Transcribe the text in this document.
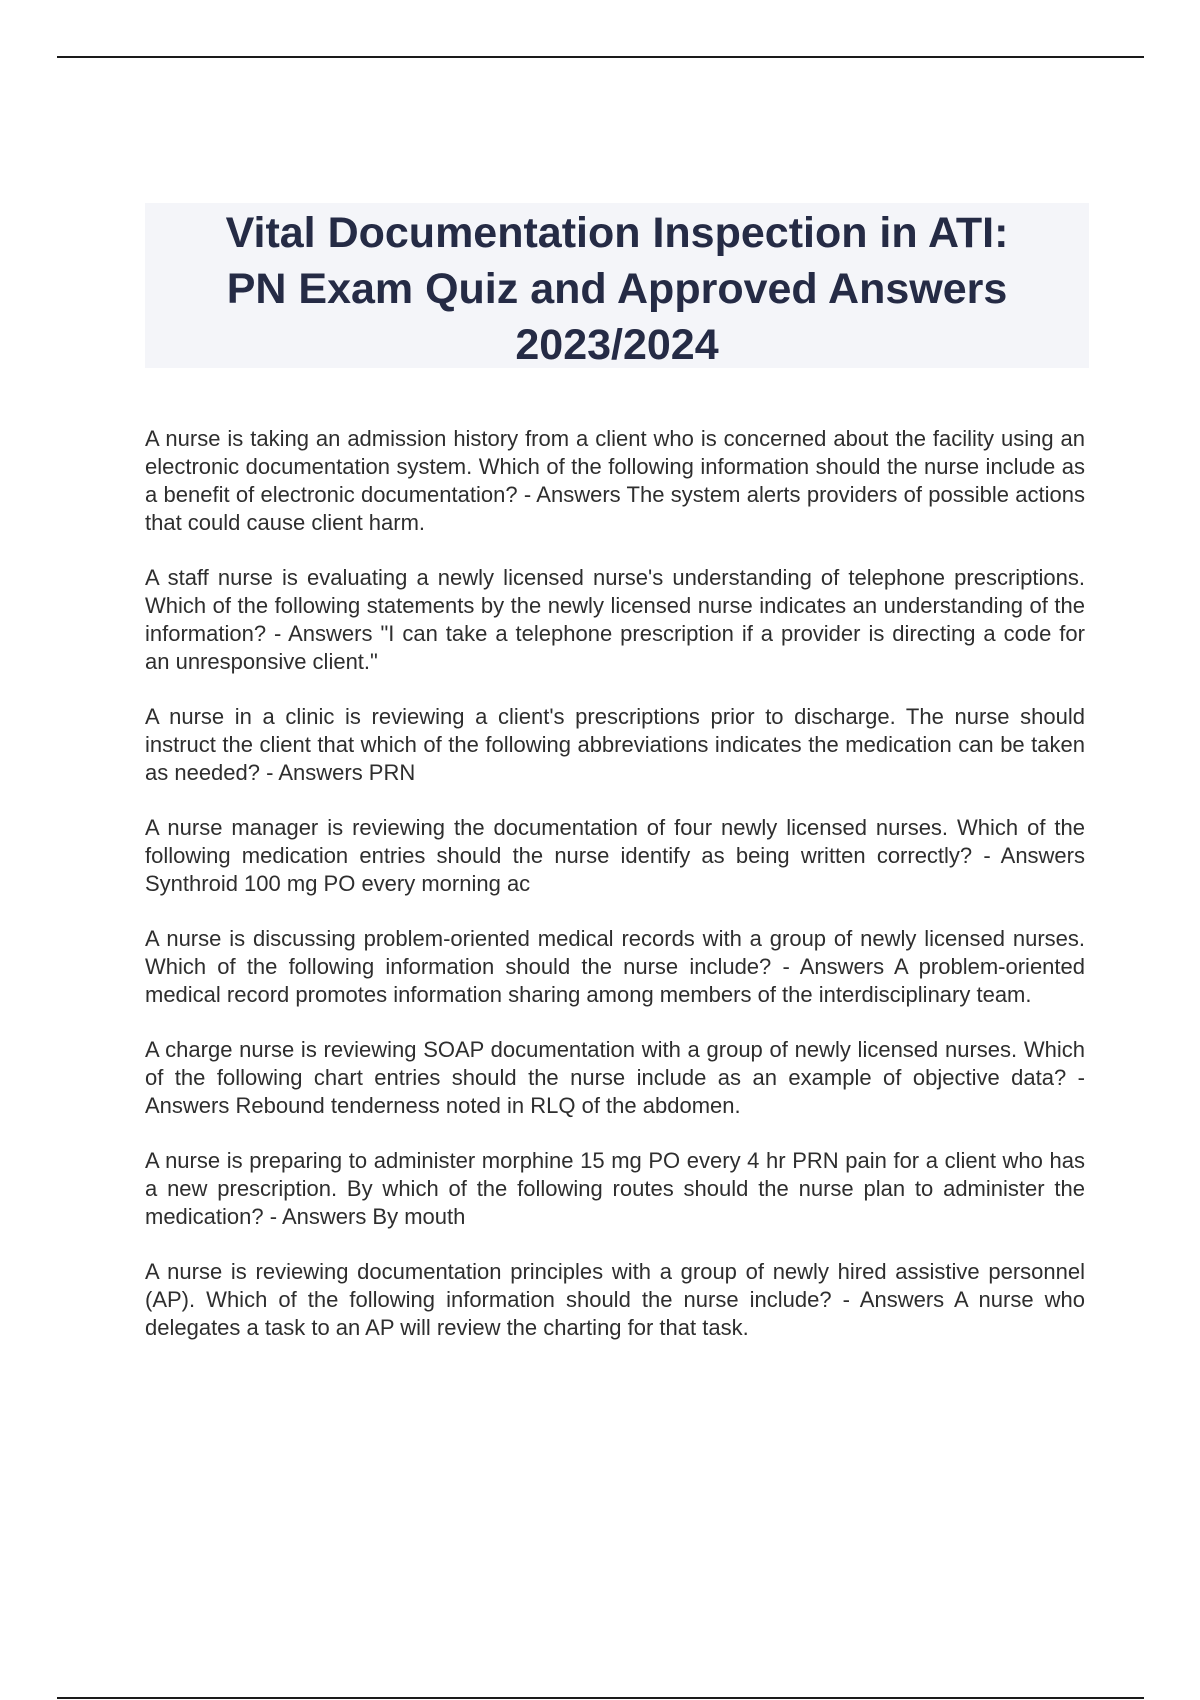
Vital Documentation Inspection in ATI:
PN Exam Quiz and Approved Answers
2023/2024

A nurse is taking an admission history from a client who is concerned about the facility using an electronic documentation system. Which of the following information should the nurse include as a benefit of electronic documentation? - Answers The system alerts providers of possible actions that could cause client harm.

A staff nurse is evaluating a newly licensed nurse's understanding of telephone prescriptions. Which of the following statements by the newly licensed nurse indicates an understanding of the information? - Answers "I can take a telephone prescription if a provider is directing a code for an unresponsive client."

A nurse in a clinic is reviewing a client's prescriptions prior to discharge. The nurse should instruct the client that which of the following abbreviations indicates the medication can be taken as needed? - Answers PRN

A nurse manager is reviewing the documentation of four newly licensed nurses. Which of the following medication entries should the nurse identify as being written correctly? - Answers Synthroid 100 mg PO every morning ac

A nurse is discussing problem-oriented medical records with a group of newly licensed nurses. Which of the following information should the nurse include? - Answers A problem-oriented medical record promotes information sharing among members of the interdisciplinary team.

A charge nurse is reviewing SOAP documentation with a group of newly licensed nurses. Which of the following chart entries should the nurse include as an example of objective data? - Answers Rebound tenderness noted in RLQ of the abdomen.

A nurse is preparing to administer morphine 15 mg PO every 4 hr PRN pain for a client who has a new prescription. By which of the following routes should the nurse plan to administer the medication? - Answers By mouth

A nurse is reviewing documentation principles with a group of newly hired assistive personnel (AP). Which of the following information should the nurse include? - Answers A nurse who delegates a task to an AP will review the charting for that task.
